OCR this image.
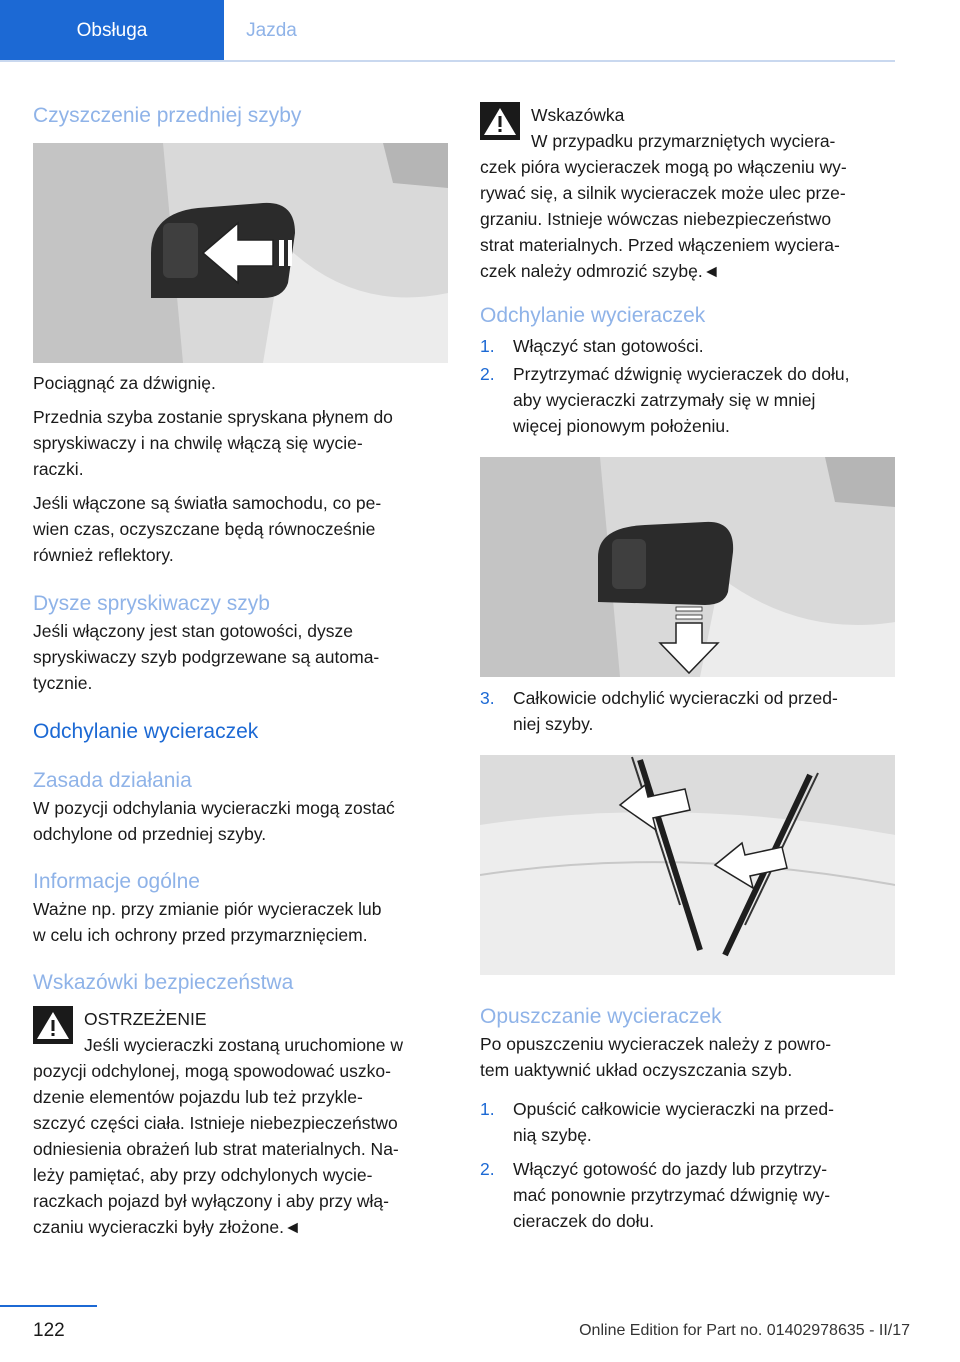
Obsługa	Jazda
Czyszczenie przedniej szyby

Pociągnąć za dźwignię.

Przednia szyba zostanie spryskana płynem do
spryskiwaczy i na chwilę włączą się wycie-
raczki.

Jeśli włączone są światła samochodu, co pe-
wien czas, oczyszczane będą równocześnie
również reflektory.

Dysze spryskiwaczy szyb

Jeśli włączony jest stan gotowości, dysze
spryskiwaczy szyb podgrzewane są automa-
tycznie.

Odchylanie wycieraczek
Zasada działania

W pozycji odchylania wycieraczki mogą zostać
odchylone od przedniej szyby.

Informacje ogólne

Ważne np. przy zmianie piór wycieraczek lub
w celu ich ochrony przed przymarznięciem.

Wskazówki bezpieczeństwa
OSTRZEŻENIE
Jeśli wycieraczki zostaną uruchomione w
pozycji odchylonej, mogą spowodować uszko-
dzenie elementów pojazdu lub też przykle-
szczyć części ciała. Istnieje niebezpieczeństwo
odniesienia obrażeń lub strat materialnych. Na-
leży pamiętać, aby przy odchylonych wycie-
raczkach pojazd był wyłączony i aby przy włą-
czaniu wycieraczki były złożone.◄
Wskazówka
W przypadku przymarzniętych wyciera-
czek pióra wycieraczek mogą po włączeniu wy-
rywać się, a silnik wycieraczek może ulec prze-
grzaniu. Istnieje wówczas niebezpieczeństwo
strat materialnych. Przed włączeniem wyciera-
czek należy odmrozić szybę.◄
Odchylanie wycieraczek
1.	Włączyć stan gotowości.
2.	Przytrzymać dźwignię wycieraczek do dołu,
aby wycieraczki zatrzymały się w mniej
więcej pionowym położeniu.
3.	Całkowicie odchylić wycieraczki od przed-
niej szyby.
Opuszczanie wycieraczek

Po opuszczeniu wycieraczek należy z powro-
tem uaktywnić układ oczyszczania szyb.

1.	Opuścić całkowicie wycieraczki na przed-
nią szybę.
2.	Włączyć gotowość do jazdy lub przytrzy-
mać ponownie przytrzymać dźwignię wy-
cieraczek do dołu.
122	Online Edition for Part no. 01402978635 - II/17
